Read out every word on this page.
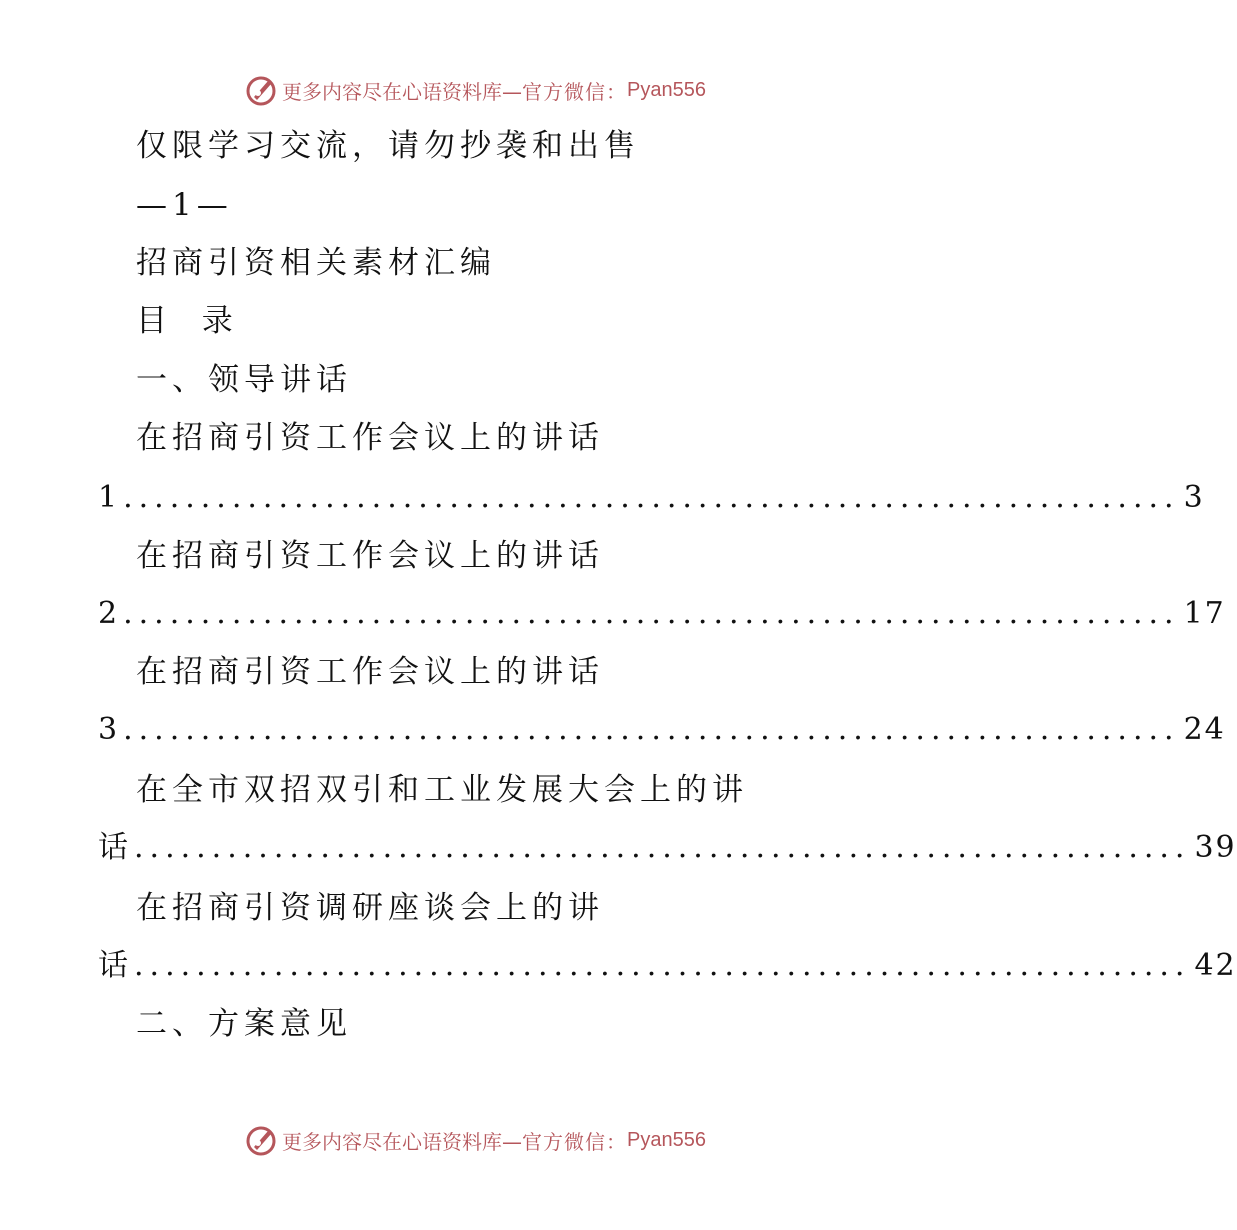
更多内容尽在心语资料库— 官方微信： Pyan556
仅限学习交流，请勿抄袭和出售
—1—
招商引资相关素材汇编
目  录
一、领导讲话
在招商引资工作会议上的讲话
1 .................................................................... 3
在招商引资工作会议上的讲话
2 .................................................................... 17
在招商引资工作会议上的讲话
3 .................................................................... 24
在全市双招双引和工业发展大会上的讲
话 .................................................................... 39
在招商引资调研座谈会上的讲
话 .................................................................... 42
二、方案意见
更多内容尽在心语资料库— 官方微信： Pyan556
